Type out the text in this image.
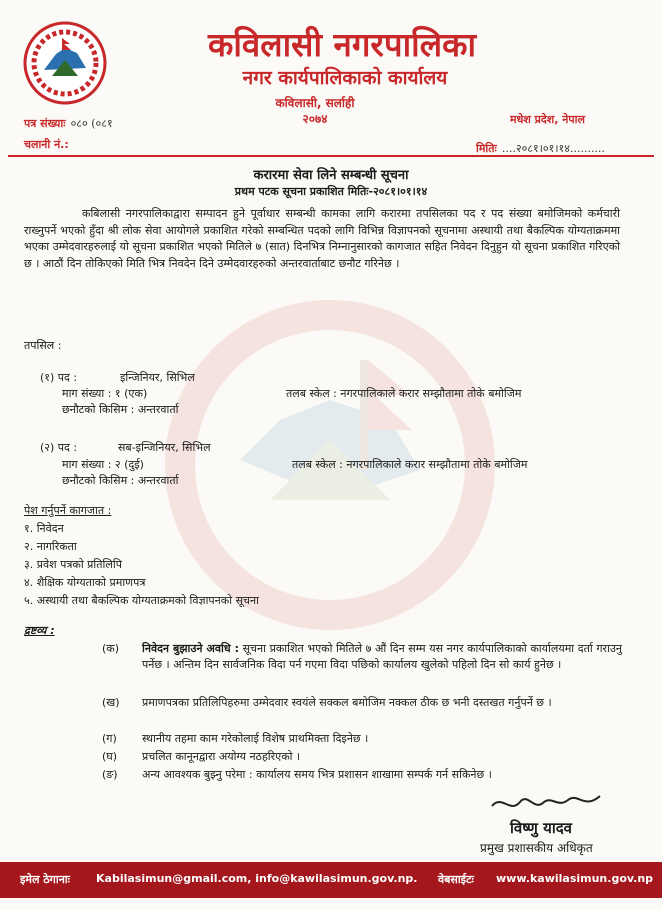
कविलासी नगरपालिका
नगर कार्यपालिकाको कार्यालय
कविलासी, सर्लाही
२०७४
पत्र संख्याः ०८० (०८१
चलानी नं.:
मधेश प्रदेश, नेपाल
मितिः ....२०८१।०१।१४..........
करारमा सेवा लिने सम्बन्धी सूचना
प्रथम पटक सूचना प्रकाशित मितिः-२०८१।०१।१४
कबिलासी नगरपालिकाद्वारा सम्पादन हुने पूर्वाधार सम्बन्धी कामका लागि करारमा तपसिलका पद र पद संख्या बमोजिमको कर्मचारी राख्नुपर्ने भएको हुँदा श्री लोक सेवा आयोगले प्रकाशित गरेको सम्बन्धित पदको लागि विभिन्न विज्ञापनको सूचनामा अस्थायी तथा बैकल्पिक योग्यताक्रममा भएका उम्मेदवारहरुलाई यो सूचना प्रकाशित भएको मितिले ७ (सात) दिनभित्र निम्नानुसारको कागजात सहित निवेदन दिनुहुन यो सूचना प्रकाशित गरिएको छ । आठौं दिन तोकिएको मिति भित्र निवदेन दिने उम्मेदवारहरुको अन्तरवार्ताबाट छनौट गरिनेछ ।
तपसिल :
(१) पद :	इन्जिनियर, सिभिल
माग संख्या : १ (एक)	तलब स्केल : नगरपालिकाले करार सम्झौतामा तोके बमोजिम
छनौटको किसिम : अन्तरवार्ता
(२) पद :	सब-इन्जिनियर, सिभिल
माग संख्या : २ (दुई)	तलब स्केल : नगरपालिकाले करार सम्झौतामा तोके बमोजिम
छनौटको किसिम : अन्तरवार्ता
पेश गर्नुपर्ने कागजात :
१. निवेदन
२. नागरिकता
३. प्रवेश पत्रको प्रतिलिपि
४. शैक्षिक योग्यताको प्रमाणपत्र
५. अस्थायी तथा बैकल्पिक योग्यताक्रमको विज्ञापनको सूचना
द्रष्टव्य :
(क) निवेदन बुझाउने अवधि : सूचना प्रकाशित भएको मितिले ७ औं दिन सम्म यस नगर कार्यपालिकाको कार्यालयमा दर्ता गराउनु पर्नेछ । अन्तिम दिन सार्वजनिक विदा पर्न गएमा विदा पछिको कार्यालय खुलेको पहिलो दिन सो कार्य हुनेछ ।
(ख) प्रमाणपत्रका प्रतिलिपिहरुमा उम्मेदवार स्वयंले सक्कल बमोजिम नक्कल ठीक छ भनी दस्तखत गर्नुपर्ने छ ।
(ग) स्थानीय तहमा काम गरेकोलाई विशेष प्राथमिक्ता दिइनेछ ।
(घ) प्रचलित कानूनद्वारा अयोग्य नठहरिएको ।
(ङ) अन्य आवश्यक बुझ्नु परेमा : कार्यालय समय भित्र प्रशासन शाखामा सम्पर्क गर्न सकिनेछ ।
विष्णु यादव
प्रमुख प्रशासकीय अधिकृत
इमेल ठेगानाः Kabilasimun@gmail.com, info@kawilasimun.gov.np. वेबसाईटः www.kawilasimun.gov.np
